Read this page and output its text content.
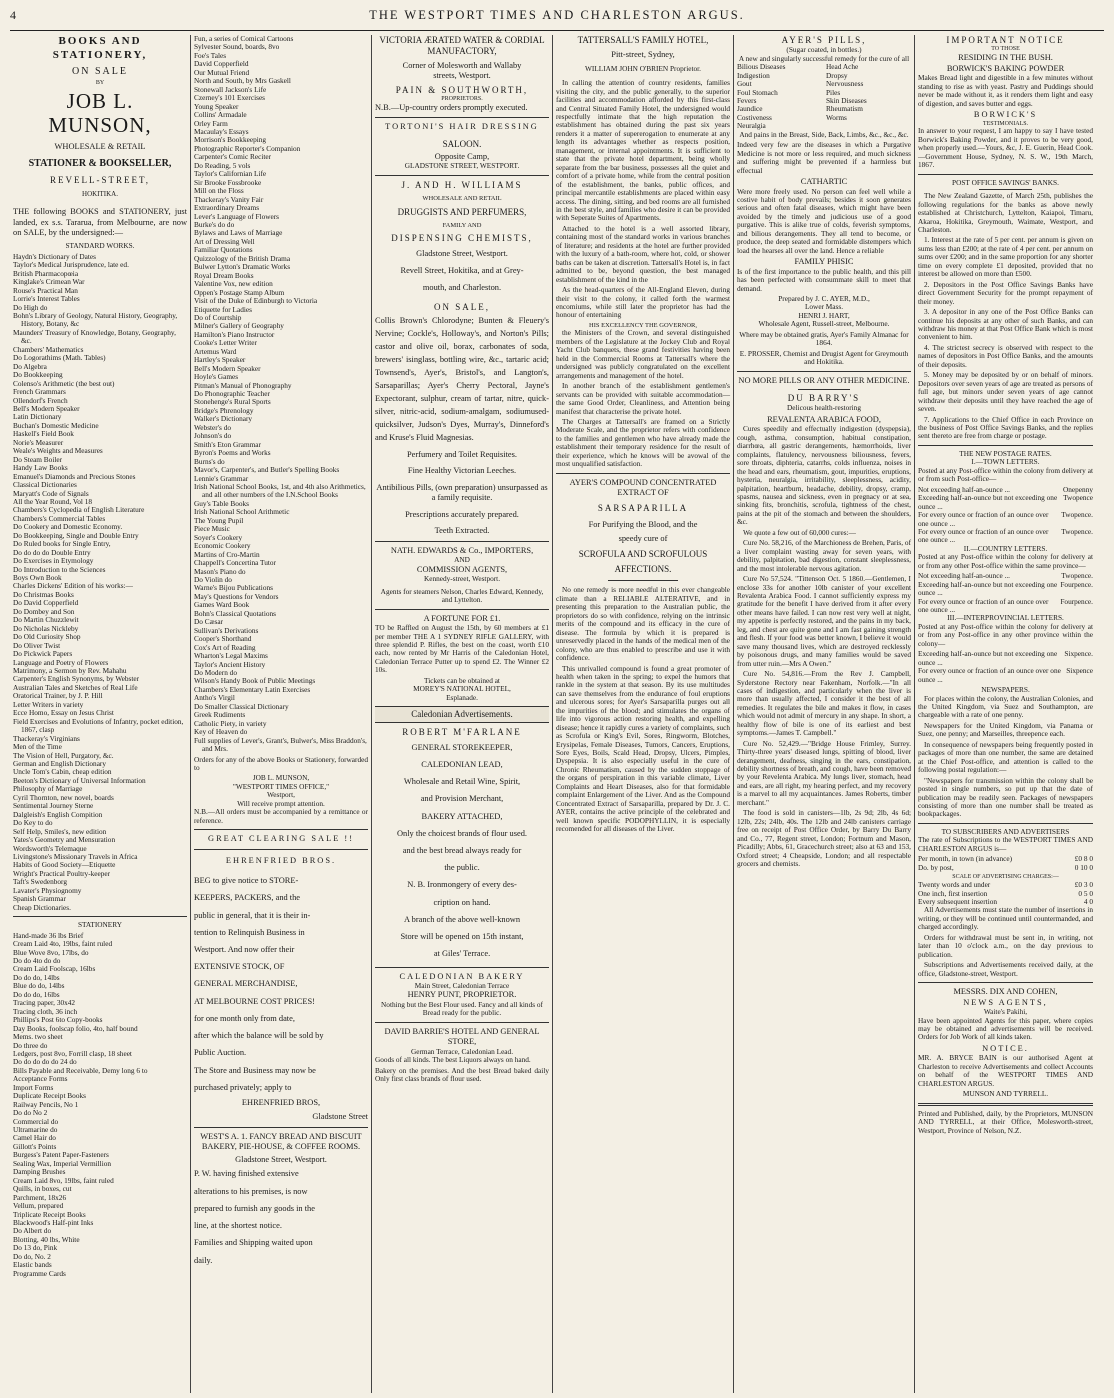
4	THE WESTPORT TIMES AND CHARLESTON ARGUS.
BOOKS AND STATIONERY,
ON SALE
BY
JOB L. MUNSON,
WHOLESALE & RETAIL
STATIONER & BOOKSELLER,
REVELL-STREET,
HOKITIKA.

THE following BOOKS and STATIONERY, just landed, ex s.s. Tararua, from Melbourne, are now on SALE, by the undersigned:—

STANDARD WORKS.
Haydn's Dictionary of Dates
Taylor's Medical Jurisprudence, late ed.
British Pharmacopœia
Kinglake's Crimean War
Rouse's Practical Man
Lorrie's Interest Tables
Do High do
Bohn's Library of Geology, Natural History, Geography, History, Botany, &c
Maunders' Treasury of Knowledge, Botany, Geography, &c.
Chambers' Mathematics
Do Logorathims (Math. Tables)
Do Algebra
Do Bookkeeping
Colenso's Arithmetic (the best out)
French Grammars
Ollendorf's French
Bell's Modern Speaker
Latin Dictionary
Buchan's Domestic Medicine
Haskell's Field Book
Norie's Measurer
Weale's Weights and Measures
Do Steam Boiler
Handy Law Books
Emanuel's Diamonds and Precious Stones
Classical Dictionaries
Maryatt's Code of Signals
All the Year Round, Vol 18
Chambers's Cyclopedia of English Literature
Chambers's Commercial Tables
Do Cookery and Domestic Economy.
Do Bookkeeping, Single and Double Entry
Do Ruled books for Single Entry,
Do do do do Double Entry
Do Exercises in Etymology
Do Introduction to the Sciences
Boys Own Book
Charles Dickens' Edition of his works:—
Do Christmas Books
Do David Copperfield
Do Dombey and Son
Do Martin Chuzzlewit
Do Nicholas Nickleby
Do Old Curiosity Shop
Do Oliver Twist
Do Pickwick Papers
Language and Poetry of Flowers
Matrimony, a Sermon by Rev. Mahahu
Carpenter's English Synonyms, by Webster
Australian Tales and Sketches of Real Life
Oratorical Trainer, by J. P. Hill
Letter Writers in variety
Ecce Homo, Essay on Jesus Christ
Field Exercises and Evolutions of Infantry, pocket edition, 1867, clasp
Thackeray's Virginians
Men of the Time
The Vision of Hell, Purgatory, &c.
German and English Dictionary
Uncle Tom's Cabin, cheap edition
Beeton's Dictionary of Universal Information
Philosophy of Marriage
Cyril Thornton, new novel, boards
Sentimental Journey Sterne
Dalgleish's English Compition
Do Key to do
Self Help, Smiles's, new edition
Yates's Geometry and Mensuration
Wordsworth's Telemaque
Livingstone's Missionary Travels in Africa
Habits of Good Society—Etiquette
Wright's Practical Poultry-keeper
Taft's Swedenborg
Lavater's Physiognomy
Spanish Grammar
Cheap Dictionaries.
STATIONERY
Hand-made 36 lbs Brief
Cream Laid 4to, 19lbs, faint ruled
Blue Wove 8vo, 17lbs, do
Do do 4to do do
Cream Laid Foolscap, 16lbs
Do do do, 14lbs
Blue do do, 14lbs
Do do do, 16lbs
Tracing paper, 30x42
Tracing cloth, 36 inch
Phillips's Post 6to Copy-books
Day Books, foolscap folio, 4to, half bound
Mems. two sheet
Do three do
Ledgers, post 8vo, Forrill clasp, 18 sheet
Do do do do do 24 do
Bills Payable and Receivable, Demy long 6 to
Acceptance Forms
Import Forms
Duplicate Receipt Books
Railway Pencils, No 1
Do do No 2
Commercial do
Ultramarine do
Camel Hair do
Gillott's Points
Burgess's Patent Paper-Fasteners
Sealing Wax, Imperial Vermillion
Damping Brushes
Cream Laid 8vo, 19lbs, faint ruled
Quills, in boxes, cut
Parchment, 18x26
Vellum, prepared
Triplicate Receipt Books
Blackwood's Half-pint Inks
Do Albert do
Blotting, 40 lbs, White
Do 13 do, Pink
Do do, No. 2
Elastic bands
Programme Cards
Fun, a series of Comical Cartoons
Sylvester Sound, boards, 8vo
Foe's Tales
David Copperfield
Our Mutual Friend
North and South, by Mrs Gaskell
Stonewall Jackson's Life
Czerney's 101 Exercises
Young Speaker
Collins' Armadale
Orley Farm
Macaulay's Essays
Morrison's Bookkeeping
Photographic Reporter's Companion
Carpenter's Comic Reciter
Do Reading, 5 vols
Taylor's Californian Life
Sir Brooke Fossbrooke
Mill on the Floss
Thackeray's Vanity Fair
Extraordinary Dreams
Lever's Language of Flowers
Burke's do do
Bylaws and Laws of Marriage
Art of Dressing Well
Familiar Quotations
Quizzology of the British Drama
Bulwer Lytton's Dramatic Works
Royal Dream Books
Valentine Vox, new edition
Oppen's Postage Stamp Album
Visit of the Duke of Edinburgh to Victoria
Etiquette for Ladies
Do of Courtship
Milner's Gallery of Geography
Hamilton's Piano Instructor
Cooke's Letter Writer
Artemus Ward
Hartley's Speaker
Bell's Modern Speaker
Hoyle's Games
Pitman's Manual of Phonography
Do Phonographic Teacher
Stonehenge's Rural Sports
Bridge's Phrenology
Walker's Dictionary
Webster's do
Johnson's do
Smith's Eton Grammar
Byron's Poems and Works
Burns's do
Mavor's, Carpenter's, and Butler's Spelling Books
Lennie's Grammar
Irish National School Books, 1st, and 4th also Arithmetics, and all other numbers of the I.N.School Books
Guy's Table Books
Irish National School Arithmetic
The Young Pupil
Piece Music
Soyer's Cookery
Economic Cookery
Martins of Cro-Martin
Chappell's Concertina Tutor
Mason's Piano do
Do Violin do
Warne's Bijou Publications
May's Questions for Vendors
Games Ward Book
Bohn's Classical Quotations
Do Cæsar
Sullivan's Derivations
Cooper's Shorthand
Cox's Art of Reading
Wharton's Legal Maxims
Taylor's Ancient History
Do Modern do
Wilson's Handy Book of Public Meetings
Chambers's Elementary Latin Exercises
Antho's Virgil
Do Smaller Classical Dictionary
Greek Rudiments
Catholic Piety, in variety
Key of Heaven do
Full supplies of Lever's, Grant's, Bulwer's, Miss Braddon's, and Mrs.

Orders for any of the above Books or Stationery, forwarded to

JOB L. MUNSON,
"WESTPORT TIMES OFFICE,"
Westport,
Will receive prompt attention.

N.B.—All orders must be accompanied by a remittance or reference.

GREAT CLEARING SALE !!
EHRENFRIED BROS.
BEG to give notice to STORE-
KEEPERS, PACKERS, and the
public in general, that it is their in-
tention to Relinquish Business in
Westport. And now offer their
EXTENSIVE STOCK, OF
GENERAL MERCHANDISE,
AT MELBOURNE COST PRICES!
for one month only from date,
after which the balance will be sold by
Public Auction.
The Store and Business may now be
purchased privately; apply to
EHRENFRIED BROS,
Gladstone Street
WEST'S A. 1. FANCY BREAD AND BISCUIT BAKERY, PIE-HOUSE, & COFFEE ROOMS.
Gladstone Street, Westport.
P. W. having finished extensive
alterations to his premises, is now
prepared to furnish any goods in the
line, at the shortest notice.
Families and Shipping waited upon
daily.
VICTORIA ÆRATED WATER & CORDIAL MANUFACTORY,
Corner of Molesworth and Wallaby
streets, Westport.
PAIN & SOUTHWORTH,
PROPRIETORS.

N.B.—Up-country orders promptly executed.

TORTONI'S HAIR DRESSING
SALOON.
Opposite Camp,
GLADSTONE STREET, WESTPORT.
J. AND H. WILLIAMS
WHOLESALE AND RETAIL
DRUGGISTS AND PERFUMERS,
FAMILY AND
DISPENSING CHEMISTS,
Gladstone Street, Westport.
Revell Street, Hokitika, and at Grey-
mouth, and Charleston.
ON SALE,

Collis Brown's Chlorodyne; Bunten & Fleuery's Nervine; Cockle's, Holloway's, and Norton's Pills; castor and olive oil, borax, carbonates of soda, brewers' isinglass, bottling wire, &c., tartaric acid; Townsend's, Ayer's, Bristol's, and Langton's, Sarsaparillas; Ayer's Cherry Pectoral, Jayne's Expectorant, sulphur, cream of tartar, nitre, quick-silver, nitric-acid, sodium-amalgam, sodiumused-quicksilver, Judson's Dyes, Murray's, Dinneford's and Kruse's Fluid Magnesias.

Perfumery and Toilet Requisites.
Fine Healthy Victorian Leeches.

Antibilious Pills, (own preparation) unsurpassed as a family requisite.

Prescriptions accurately prepared.
Teeth Extracted.
NATH. EDWARDS & Co., IMPORTERS,
AND
COMMISSION AGENTS,
Kennedy-street, Westport.

Agents for steamers Nelson, Charles Edward, Kennedy, and Lyttelton.

A FORTUNE FOR £1.

TO be Raffled on August the 15th, by 60 members at £1 per member THE A 1 SYDNEY RIFLE GALLERY, with three splendid P. Rifles, the best on the coast, worth £10 each, now rented by Mr Harris of the Caledonian Hotel, Caledonian Terrace Putter up to spend £2. The Winner £2 10s.

Tickets can be obtained at
MOREY'S NATIONAL HOTEL,
Esplanade.
Caledonian Advertisements.
ROBERT M'FARLANE
GENERAL STOREKEEPER,
CALEDONIAN LEAD,
Wholesale and Retail Wine, Spirit,
and Provision Merchant,
BAKERY ATTACHED,
Only the choicest brands of flour used.
and the best bread always ready for
the public.
N. B. Ironmongery of every des-
cription on hand.
A branch of the above well-known
Store will be opened on 15th instant,
at Giles' Terrace.
CALEDONIAN BAKERY
Main Street, Caledonian Terrace
HENRY PUNT, PROPRIETOR.

Nothing but the Best Flour used. Fancy and all kinds of Bread ready for the public.

DAVID BARRIE'S HOTEL AND GENERAL STORE,
German Terrace, Caledonian Lead.

Goods of all kinds. The best Liquors always on hand.

Bakery on the premises. And the best Bread baked daily Only first class brands of flour used.

TATTERSALL'S FAMILY HOTEL,
Pitt-street, Sydney,
WILLIAM JOHN O'BRIEN Proprietor.

In calling the attention of country residents, families visiting the city, and the public generally, to the superior facilities and accommodation afforded by this first-class and Central Situated Family Hotel, the undersigned would respectfully intimate that the high reputation the establishment has obtained during the past six years renders it a matter of supererogation to enumerate at any length its advantages whether as respects position, management, or internal appointments. It is sufficient to state that the private hotel department, being wholly separate from the bar business, possesses all the quiet and comfort of a private home, while from the central position of the establishment, the banks, public offices, and principal mercantile establishments are placed within easy access. The dining, sitting, and bed rooms are all furnished in the best style, and families who desire it can be provided with Seperate Suites of Apartments.

Attached to the hotel is a well assorted library, containing most of the standard works in various branches of literature; and residents at the hotel are further provided with the luxury of a bath-room, where hot, cold, or shower baths can be taken at discretion. Tattersall's Hotel is, in fact admitted to be, beyond question, the best managed establishment of the kind in the

As the head-quarters of the All-England Eleven, during their visit to the colony, it called forth the warmest encomiums, while still later the proprietor has had the honour of entertaining

HIS EXCELLENCY THE GOVERNOR,

the Ministers of the Crown, and several distinguished members of the Legislature at the Jockey Club and Royal Yacht Club banquets, these grand festivities having been held in the Commercial Rooms at Tattersall's where the undersigned was publicly congratulated on the excellent arrangements and management of the hotel.

In another branch of the establishment gentlemen's servants can be provided with suitable accommodation—the same Good Order, Cleanliness, and Attention being manifest that characterise the private hotel.

The Charges at Tattersall's are framed on a Strictly Moderate Scale, and the proprietor refers with confidence to the families and gentlemen who have already made the establishment their temporary residence for the result of their experience, which he knows will be avowal of the most unqualified satisfaction.

AYER'S COMPOUND CONCENTRATED EXTRACT OF
SARSAPARILLA
For Purifying the Blood, and the
speedy cure of
SCROFULA AND SCROFULOUS
AFFECTIONS.

No one remedy is more needful in this ever changeable climate than a RELIABLE ALTERATIVE, and in presenting this preparation to the Australian public, the proprietors do so with confidence, relying on the intrinsic merits of the compound and its efficacy in the cure of disease. The formula by which it is prepared is unreservedly placed in the hands of the medical men of the colony, who are thus enabled to prescribe and use it with confidence.

This unrivalled compound is found a great promoter of health when taken in the spring; to expel the humors that rankle in the system at that season. By its use multitudes can save themselves from the endurance of foul eruptions and ulcerous sores; for Ayer's Sarsaparilla purges out all the impurities of the blood; and stimulates the organs of life into vigorous action restoring health, and expelling disease; hence it rapidly cures a variety of complaints, such as Scrofula or King's Evil, Sores, Ringworm, Blotches, Erysipelas, Female Diseases, Tumors, Cancers, Eruptions, Sore Eyes, Boils, Scald Head, Dropsy, Ulcers, Pimples, Dyspepsia. It is also especially useful in the cure of Chronic Rheumatism, caused by the sudden stoppage of the organs of perspiration in this variable climate, Liver Complaints and Heart Diseases, also for that formidable complaint Enlargement of the Liver. And as the Compound Concentrated Extract of Sarsaparilla, prepared by Dr. J. C. AYER, contains the active principle of the celebrated and well known specific PODOPHYLLIN, it is especially recomended for all diseases of the Liver.

AYER'S PILLS,
(Sugar coated, in bottles.)
A new and singularly successful remedy for the cure of all
Bilious Diseases
Indigestion
Gout
Foul Stomach
Fevers
Jaundice
Costiveness
Neuralgia
Head Ache
Dropsy
Nervousness
Piles
Skin Diseases
Rheumatism
Worms

And pains in the Breast, Side, Back, Limbs, &c., &c., &c.

Indeed very few are the diseases in which a Purgative Medicine is not more or less required, and much sickness and suffering might be prevented if a harmless but effectual

CATHARTIC

Were more freely used. No person can feel well while a costive habit of body prevails; besides it soon generates serious and often fatal diseases, which might have been avoided by the timely and judicious use of a good purgative. This is alike true of colds, feverish symptoms, and bilious derangements. They all tend to become, or produce, the deep seated and formidable distempers which load the hearses all over the land. Hence a reliable

FAMILY PHISIC

Is of the first importance to the public health, and this pill has been perfected with consummate skill to meet that demand.

Prepared by J. C. AYER, M.D.,
Lower Mass.
HENRI J. HART,
Wholesale Agent, Russell-street, Melbourne.

Where may be obtained gratis, Ayer's Family Almanac for 1864.

E. PROSSER, Chemist and Drugist Agent for Greymouth and Hokitika.

NO MORE PILLS OR ANY OTHER MEDICINE.
DU BARRY'S
Delicous health-restoring
REVALENTA ARABICA FOOD,

Cures speedily and effectually indigestion (dyspepsia), cough, asthma, consumption, habitual constipation, diarrhœa, all gastric derangements, hæmorrhoids, liver complaints, flatulency, nervousness biliousness, fevers, sore throats, diphteria, catarrhs, colds influenza, noises in the head and ears, rheumatism, gout, impurities, eruptions, hysteria, neuralgia, irritability, sleeplessness, acidity, palpitation, heartburn, headache, debility, dropsy, cramp, spasms, nausea and sickness, even in pregnacy or at sea, sinking fits, bronchitis, scrofula, tightness of the chest, pains at the pit of the stomach and between the shoulders, &c.

We quote a few out of 60,000 cures:—

Cure No. 58,216, of the Marchioness de Brehen, Paris, of a liver complaint wasting away for seven years, with debility, palpitation, bad digestion, constant sleeplessness, and the most intolerable nervous agitation.

Cure No 57,524. "Tittenson Oct. 5 1860.—Gentlemen, I enclose 33s for another 10lb canister of your excellent Revalenta Arabica Food. I cannot sufficiently express my gratitude for the benefit I have derived from it after every other means have failed. I can now rest very well at night, my appetite is perfectly restored, and the pains in my back, leg, and chest are quite gone and I am fast gaining strength and flesh. If your food was better known, I believe it would save many thousand lives, which are destroyed recklessly by poisonous drugs, and many families would be saved from utter ruin.—Mrs A Owen."

Cure No. 54,816.—From the Rev J. Campbell, Syderstone Rectory near Fakenham, Norfolk.—"In all cases of indigestion, and particularly when the liver is more than usually affected, I consider it the best of all remedies. It regulates the bile and makes it flow, in cases which would not admit of mercury in any shape. In short, a healthy flow of bile is one of its earliest and best symptoms.—James T. Campbell."

Cure No. 52,429.—"Bridge House Frimley, Surrey. Thirty-three years' diseased lungs, spitting of blood, liver derangement, deafness, singing in the ears, constipation, debility shortness of breath, and cough, have been removed by your Revelenta Arabica. My lungs liver, stomach, head and ears, are all right, my hearing perfect, and my recovery is a marvel to all my acquaintances. James Roberts, timber merchant."

The food is sold in canisters—1lb, 2s 9d; 2lb, 4s 6d; 12lb, 22s; 24lb, 40s. The 12lb and 24lb canisters carriage free on receipt of Post Office Order, by Barry Du Barry and Co., 77, Regent street, London; Fortnum and Mason, Picadilly; Abbs, 61, Gracechurch street; also at 63 and 153, Oxford street; 4 Cheapside, London; and all respectable grocers and chemists.

IMPORTANT NOTICE
TO THOSE
RESIDING IN THE BUSH.
BORWICK'S BAKING POWDER

Makes Bread light and digestible in a few minutes without standing to rise as with yeast. Pastry and Puddings should never be made without it, as it renders them light and easy of digestion, and saves butter and eggs.

BORWICK'S
TESTIMONIALS.

In answer to your request, I am happy to say I have tested Borwick's Baking Powder, and it proves to be very good, when properly used.—Yours, &c, J. E. Guerin, Head Cook.—Government House, Sydney, N. S. W., 19th March, 1867.

POST OFFICE SAVINGS' BANKS.

The New Zealand Gazette, of March 25th, publishes the following regulations for the banks as above newly established at Christchurch, Lyttelton, Kaiapoi, Timaru, Akaroa, Hokitika, Greymouth, Waimate, Westport, and Charleston.

1. Interest at the rate of 5 per cent. per annum is given on sums less than £200; at the rate of 4 per cent. per annum on sums over £200; and in the same proportion for any shorter time on every complete £1 deposited, provided that no interest be allowed on more than £500.

2. Depositors in the Post Office Savings Banks have direct Government Security for the prompt repayment of their money.

3. A depositor in any one of the Post Office Banks can continue his deposits at any other of such Banks, and can withdraw his money at that Post Office Bank which is most convenient to him.

4. The strictest secrecy is observed with respect to the names of depositors in Post Office Banks, and the amounts of their deposits.

5. Money may be deposited by or on behalf of minors. Depositors over seven years of age are treated as persons of full age, but minors under seven years of age cannot withdraw their deposits until they have reached the age of seven.

7. Applications to the Chief Office in each Province on the business of Post Office Savings Banks, and the replies sent thereto are free from charge or postage.

THE NEW POSTAGE RATES.
I.—TOWN LETTERS.

Posted at any Post-office within the colony from delivery at or from such Post-office—

Not exceeding half-an-ounce ...	Onepenny
Exceeding half-an-ounce but not exceeding one ounce ...
Twopence
For every ounce or fraction of an ounce over one ounce ...
Twopence.
For every ounce or fraction of an ounce over one ounce ...
Twopence.
II.—COUNTRY LETTERS.

Posted at any Post-office within the colony for delivery at or from any other Post-office within the same province—

Not exceeding half-an-ounce ...	Twopence.
Exceeding half-an-ounce but not exceeding one ounce ...
Fourpence.
For every ounce or fraction of an ounce over one ounce ...
Fourpence.
III.—INTERPROVINCIAL LETTERS.

Posted at any Post-office within the colony for delivery at or from any Post-office in any other province within the colony—

Exceeding half-an-ounce but not exceeding one ounce ...
Sixpence.
For every ounce or fraction of an ounce over one ounce ...
Sixpence
NEWSPAPERS.

For places within the colony, the Australian Colonies, and the United Kingdom, via Suez and Southampton, are chargeable with a rate of one penny.

Newspapers for the United Kingdom, via Panama or Suez, one penny; and Marseilles, threepence each.

In consequence of newspapers being frequently posted in packages of more than one number, the same are detained at the Chief Post-office, and attention is called to the following postal regulation:—

"Newspapers for transmission within the colony shall be posted in single numbers, so put up that the date of publication may be readily seen. Packages of newspapers consisting of more than one number shall be treated as bookpackages.

TO SUBSCRIBERS AND ADVERTISERS

The rate of Subscriptions to the WESTPORT TIMES AND CHARLESTON ARGUS is—

Per month, in town (in advance)	£0 8 0
Do. by post,	0 10 0
SCALE OF ADVERTISING CHARGES:—
Twenty words and under	£0 3 0
One inch, first insertion	0 5 0
Every subsequent insertion	4 0

All Advertisements must state the number of insertions in writing, or they will be continued until countermanded, and charged accordingly.

Orders for withdrawal must be sent in, in writing, not later than 10 o'clock a.m., on the day previous to publication.

Subscriptions and Advertisements received daily, at the office, Gladstone-street, Westport.

MESSRS. DIX AND COHEN,
NEWS AGENTS,
Waite's Pakihi,

Have been appointed Agents for this paper, where copies may be obtained and advertisements will be received. Orders for Job Work of all kinds taken.

NOTICE.

MR. A. BRYCE BAIN is our authorised Agent at Charleston to receive Advertisements and collect Accounts on behalf of the WESTPORT TIMES AND CHARLESTON ARGUS.

MUNSON AND TYRRELL.

Printed and Published, daily, by the Proprietors, MUNSON AND TYRRELL, at their Office, Molesworth-street, Westport, Province of Nelson, N.Z.
